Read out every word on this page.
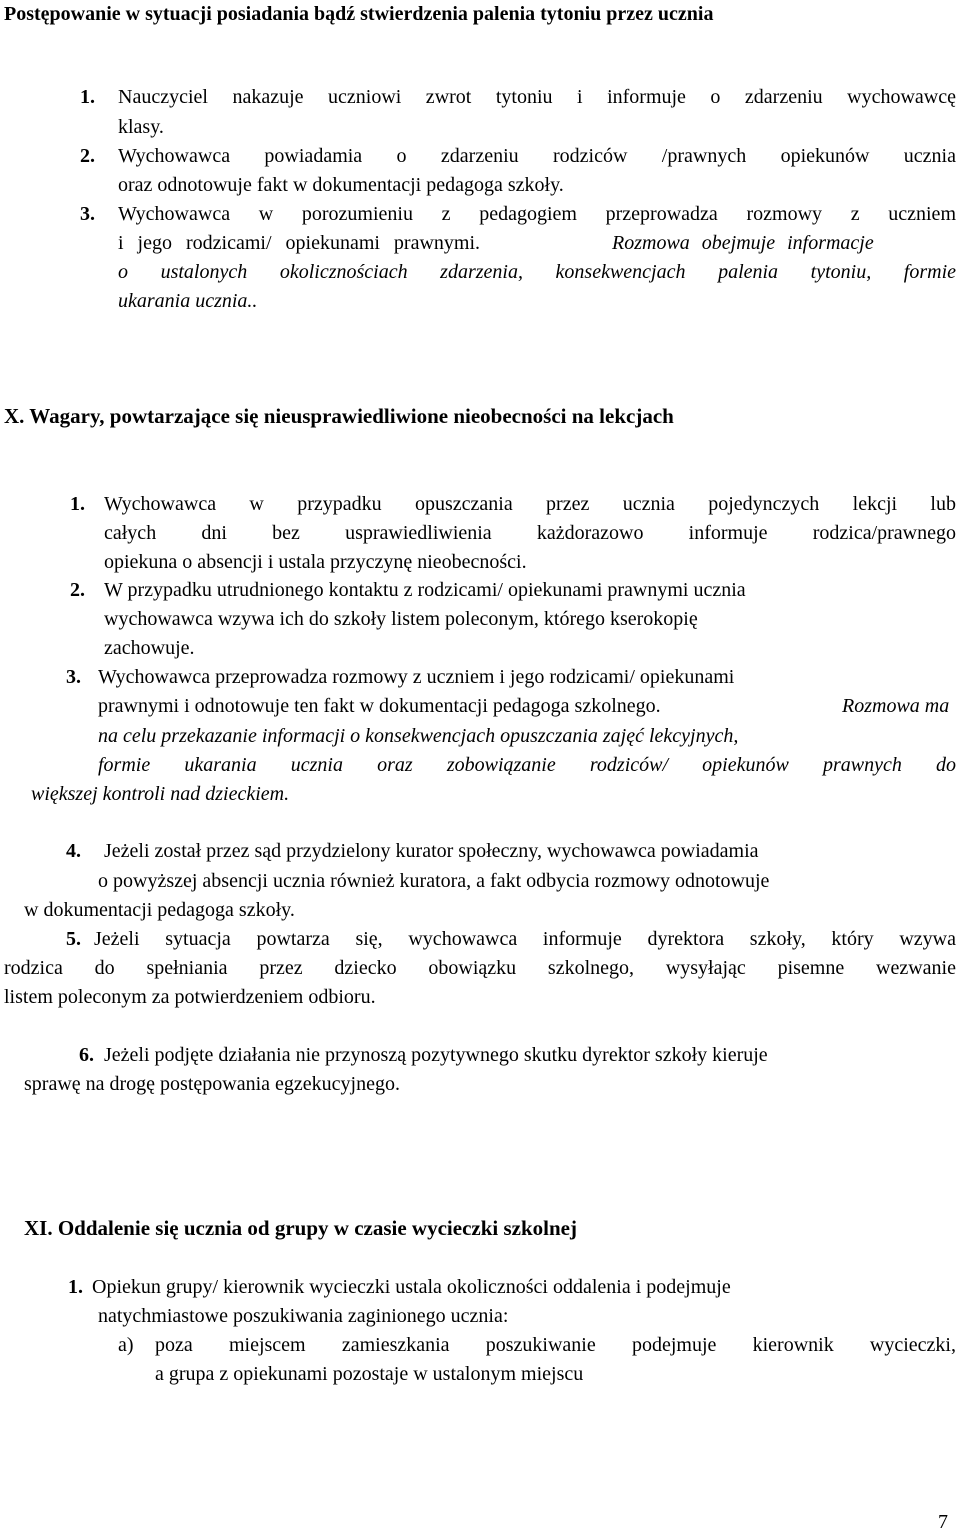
Postępowanie w sytuacji posiadania bądź stwierdzenia palenia tytoniu przez ucznia
1. Nauczyciel nakazuje uczniowi zwrot tytoniu i informuje o zdarzeniu wychowawcę
klasy.
2. Wychowawca powiadamia o zdarzeniu rodziców /prawnych opiekunów ucznia
oraz odnotowuje fakt w dokumentacji pedagoga szkoły.
3. Wychowawca w porozumieniu z pedagogiem przeprowadza rozmowy z uczniem
i jego rodzicami/ opiekunami prawnymi.	Rozmowa obejmuje informacje
o ustalonych okolicznościach zdarzenia, konsekwencjach palenia tytoniu, formie
ukarania ucznia..
X. Wagary, powtarzające się nieusprawiedliwione nieobecności na lekcjach
1. Wychowawca w przypadku opuszczania przez ucznia pojedynczych lekcji lub
całych dni bez usprawiedliwienia każdorazowo informuje rodzica/prawnego
opiekuna o absencji i ustala przyczynę nieobecności.
2. W przypadku utrudnionego kontaktu z rodzicami/ opiekunami prawnymi ucznia
wychowawca wzywa ich do szkoły listem poleconym, którego kserokopię
zachowuje.
3. Wychowawca przeprowadza rozmowy z uczniem i jego rodzicami/ opiekunami
prawnymi i odnotowuje ten fakt w dokumentacji pedagoga szkolnego.	Rozmowa ma
na celu przekazanie informacji o konsekwencjach opuszczania zajęć lekcyjnych,
formie ukarania ucznia oraz zobowiązanie rodziców/ opiekunów prawnych do
większej kontroli nad dzieckiem.
4. Jeżeli został przez sąd przydzielony kurator społeczny, wychowawca powiadamia
o powyższej absencji ucznia również kuratora, a fakt odbycia rozmowy odnotowuje
w dokumentacji pedagoga szkoły.
5. Jeżeli sytuacja powtarza się, wychowawca informuje dyrektora szkoły, który wzywa
rodzica do spełniania przez dziecko obowiązku szkolnego, wysyłając pisemne wezwanie
listem poleconym za potwierdzeniem odbioru.
6. Jeżeli podjęte działania nie przynoszą pozytywnego skutku dyrektor szkoły kieruje
sprawę na drogę postępowania egzekucyjnego.
XI. Oddalenie się ucznia od grupy w czasie wycieczki szkolnej
1. Opiekun grupy/ kierownik wycieczki ustala okoliczności oddalenia i podejmuje
natychmiastowe poszukiwania zaginionego ucznia:
a) poza miejscem zamieszkania poszukiwanie podejmuje kierownik wycieczki,
a grupa z opiekunami pozostaje w ustalonym miejscu
7
